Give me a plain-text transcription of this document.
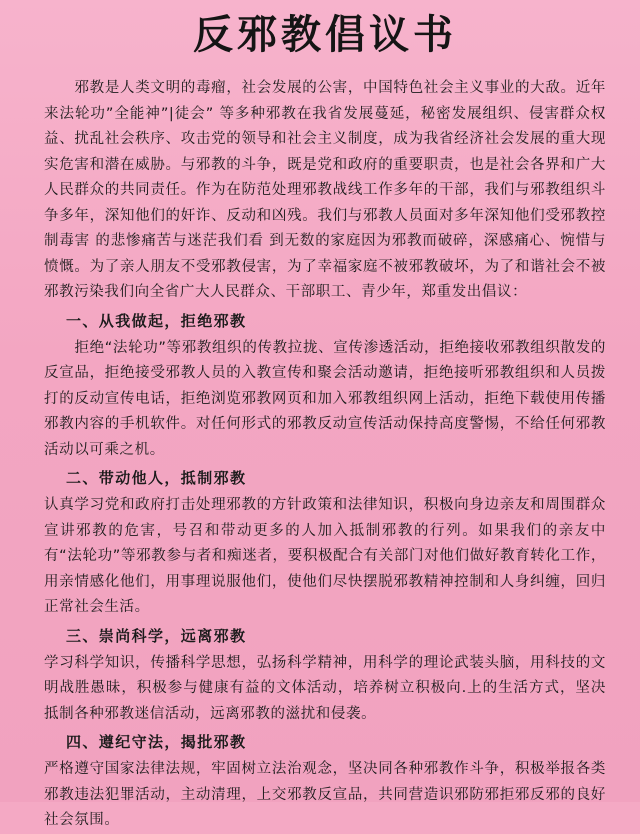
反邪教倡议书

邪教是人类文明的毒瘤，社会发展的公害，中国特色社会主义事业的大敌。近年来法轮功”全能神”|徒会” 等多种邪教在我省发展蔓延，秘密发展组织、侵害群众权益、扰乱社会秩序、攻击党的领导和社会主义制度，成为我省经济社会发展的重大现实危害和潜在威胁。与邪教的斗争，既是党和政府的重要职责，也是社会各界和广大人民群众的共同责任。作为在防范处理邪教战线工作多年的干部，我们与邪教组织斗争多年，深知他们的奸诈、反动和凶残。我们与邪教人员面对多年深知他们受邪教控制毒害 的悲惨痛苦与迷茫我们看 到无数的家庭因为邪教而破碎，深感痛心、惋惜与愤慨。为了亲人朋友不受邪教侵害，为了幸福家庭不被邪教破坏，为了和谐社会不被邪教污染我们向全省广大人民群众、干部职工、青少年，郑重发出倡议：

一、从我做起，拒绝邪教

拒绝“法轮功”等邪教组织的传教拉拢、宣传渗透活动，拒绝接收邪教组织散发的反宣品，拒绝接受邪教人员的入教宣传和聚会活动邀请，拒绝接听邪教组织和人员拨打的反动宣传电话，拒绝浏览邪教网页和加入邪教组织网上活动，拒绝下载使用传播邪教内容的手机软件。对任何形式的邪教反动宣传活动保持高度警惕，不给任何邪教活动以可乘之机。

二、带动他人，抵制邪教

认真学习党和政府打击处理邪教的方针政策和法律知识，积极向身边亲友和周围群众宣讲邪教的危害，号召和带动更多的人加入抵制邪教的行列。如果我们的亲友中有“法轮功”等邪教参与者和痴迷者，要积极配合有关部门对他们做好教育转化工作，用亲情感化他们，用事理说服他们，使他们尽快摆脱邪教精神控制和人身纠缠，回归正常社会生活。

三、崇尚科学，远离邪教

学习科学知识，传播科学思想，弘扬科学精神，用科学的理论武装头脑，用科技的文明战胜愚昧，积极参与健康有益的文体活动，培养树立积极向.上的生活方式，坚决抵制各种邪教迷信活动，远离邪教的滋扰和侵袭。

四、遵纪守法，揭批邪教

严格遵守国家法律法规，牢固树立法治观念，坚决同各种邪教作斗争，积极举报各类邪教违法犯罪活动，主动清理，上交邪教反宣品，共同营造识邪防邪拒邪反邪的良好社会氛围。
